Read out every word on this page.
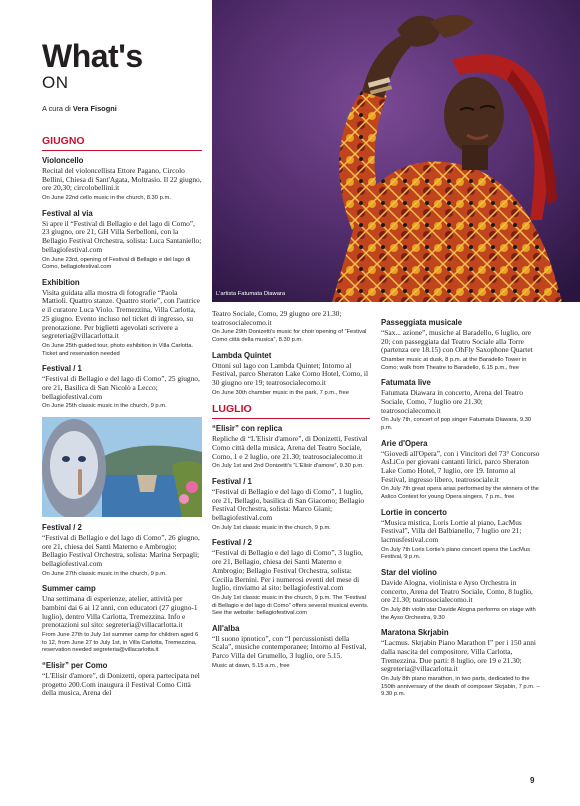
L'artista Fatumata Diawara
What's
ON
A cura di Vera Fisogni
GIUGNO
Violoncello
Recital del violoncellista Ettore Pagano, Circolo Bellini, Chiesa di Sant'Agata, Moltrasio. Il 22 giugno, ore 20,30; circolobellini.it
On June 22nd cello music in the church, 8.30 p.m.
Festival al via
Si apre il “Festival di Bellagio e del lago di Como”, 23 giugno, ore 21, GH Villa Serbelloni, con la Bellagio Festival Orchestra, solista: Luca Santaniello; bellagiofestival.com
On June 23rd, opening of Festival di Bellagio e del lago di Como, bellagiofestival.com
Exhibition
Visita guidata alla mostra di fotografie “Paola Mattioli. Quattro stanze. Quattro storie”, con l'autrice e il curatore Luca Violo. Tremezzina, Villa Carlotta, 25 giugno. Evento incluso nel ticket di ingresso, su prenotazione. Per biglietti agevolati scrivere a segreteria@villacarlotta.it
On June 25th guided tour, photo exhibition in Villa Carlotta. Ticket and reservation needed
Festival / 1
“Festival di Bellagio e del lago di Como”, 25 giugno, ore 21, Basilica di San Nicolò a Lecco; bellagiofestival.com
On June 25th classic music in the church, 9 p.m.
Festival / 2
“Festival di Bellagio e del lago di Como”, 26 giugno, ore 21, chiesa dei Santi Materno e Ambrogio; Bellagio Festival Orchestra, solista: Marina Serpagli; bellagiofestival.com
On June 27th classic music in the church, 9 p.m.
Summer camp
Una settimana di esperienze, atelier, attività per bambini dai 6 ai 12 anni, con educatori (27 giugno-1 luglio), dentro Villa Carlotta, Tremezzina. Info e prenotazioni sul sito: segreteria@villacarlotta.it
From June 27th to July 1st summer camp for children aged 6 to 12, from June 27 to July 1st, in Villa Carlotta, Tremezzina, reservation needed segreteria@villacarlotta.it
“Elisir” per Como
“L'Elisir d'amore”, di Donizetti, opera partecipata nel progetto 200.Com inaugura il Festival Como Città della musica, Arena del
Teatro Sociale, Como, 29 giugno ore 21.30; teatrosocialecomo.it
On June 29th Donizetti's music for choir opening of “Festival Como città della musica”, 8.30 p.m.
Lambda Quintet
Ottoni sul lago con Lambda Quintet; Intorno al Festival, parco Sheraton Lake Como Hotel, Como, il 30 giugno ore 19; teatrosocialecomo.it
On June 30th chamber music in the park, 7 p.m., free
LUGLIO
“Elisir” con replica
Repliche di “L'Elisir d'amore”, di Donizetti, Festival Como città della musica, Arena del Teatro Sociale, Como, 1 e 2 luglio, ore 21.30; teatrosocialecomo.it
On July 1st and 2nd Donizetti's “L'Elisir d'amore”, 9.30 p.m.
Festival / 1
“Festival di Bellagio e del lago di Como”, 1 luglio, ore 21, Bellagio, basilica di San Giacomo; Bellagio Festival Orchestra, solista: Marco Giani; bellagiofestival.com
On July 1st classic music in the church, 9 p.m.
Festival / 2
“Festival di Bellagio e del lago di Como”, 3 luglio, ore 21, Bellagio, chiesa dei Santi Materno e Ambrogio; Bellagio Festival Orchestra, solista: Cecilia Bernini. Per i numerosi eventi del mese di luglio, rinviamo al sito: bellagiofestival.com
On July 1st classic music in the church, 9 p.m. The “Festival di Bellagio e del lago di Como” offers several musical events. See the website: bellagiofestival.com
All'alba
“Il suono ipnotico”, con “I percussionisti della Scala”, musiche contemporanee; Intorno al Festival, Parco Villa del Grumello, 3 luglio, ore 5.15.
Music at dawn, 5.15 a.m., free
Passeggiata musicale
“Sax... azione”, musiche al Baradello, 6 luglio, ore 20; con passeggiata dal Teatro Sociale alla Torre (partenza ore 18.15) con OhFly Saxophone Quartet
Chamber music at dusk, 8 p.m. at the Baradello Tower in Como; walk from Theatre to Baradello, 6.15 p.m., free
Fatumata live
Fatumata Diawara in concerto, Arena del Teatro Sociale, Como, 7 luglio ore 21.30; teatrosocialecomo.it
On July 7th, concert of pop singer Fatumata Diawara, 9.30 p.m.
Arie d'Opera
“Giovedì all'Opera”, con i Vincitori del 73° Concorso AsLiCo per giovani cantanti lirici, parco Sheraton Lake Como Hotel, 7 luglio, ore 19. Intorno al Festival, ingresso libero, teatrosociale.it
On July 7th great opera arias performed by the winners of the Aslico Contest for young Opera singers, 7 p.m., free
Lortie in concerto
“Musica mistica, Loris Lortie al piano, LacMus Festival”, Villa del Balbianello, 7 luglio ore 21; lacmusfestival.com
On July 7th Loris Lortie's piano concert opens the LacMus Festival, 9 p.m.
Star del violino
Davide Alogna, violinista e Ayso Orchestra in concerto, Arena del Teatro Sociale, Como, 8 luglio, ore 21.30; teatrosocialecomo.it
On July 8th violin star Davide Alogna performs on stage with the Ayso Orchestra, 9.30
Maratona Skrjabin
“Lacmus. Skrjabin Piano Marathon I” per i 150 anni dalla nascita del compositore, Villa Carlotta, Tremezzina. Due parti: 8 luglio, ore 19 e 21.30; segreteria@villacarlotta.it
On July 8th piano marathon, in two parts, dedicated to the 150th anniversary of the death of composer Skrjabin, 7 p.m. – 9.30 p.m.
9
